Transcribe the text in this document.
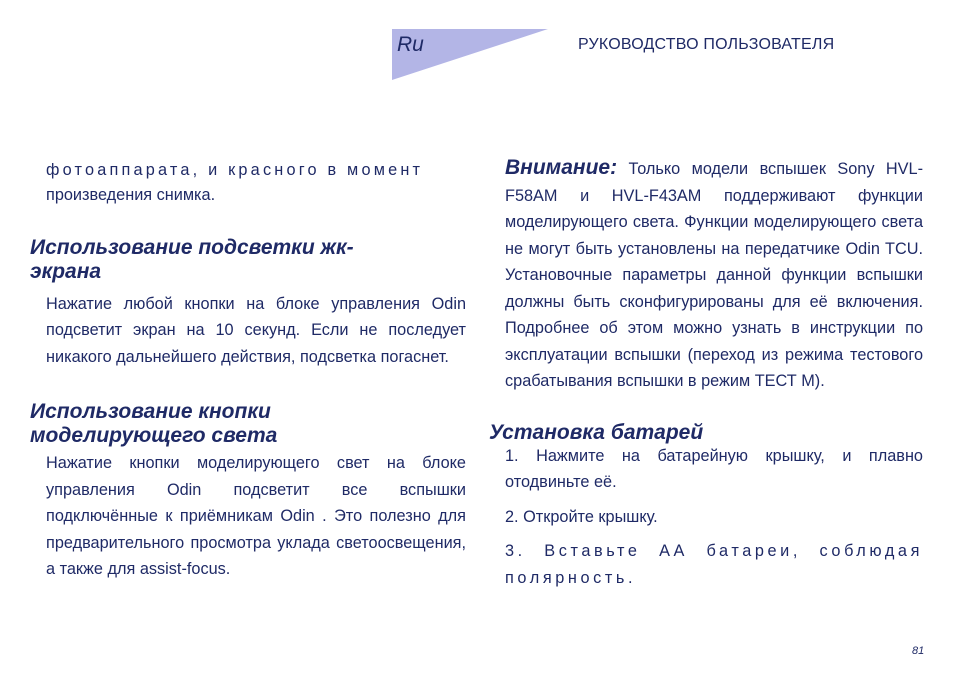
Ru	РУКОВОДСТВО ПОЛЬЗОВАТЕЛЯ

фотоаппарата, и красного в момент

произведения снимка.

Использование подсветки жк-экрана

Нажатие любой кнопки на блоке управления Odin подсветит экран на 10 секунд. Если не последует никакого дальнейшего действия, подсветка погаснет.

Использование кнопки моделирующего света

Нажатие кнопки моделирующего свет на блоке управления Odin подсветит все вспышки подключённые к приёмникам Odin . Это полезно для предварительного просмотра уклада светоосвещения, а также для assist-focus.

Внимание: Только модели вспышек Sony HVL-F58AM и HVL-F43AM поддерживают функции моделирующего света. Функции моделирующего света не могут быть установлены на передатчике Odin TCU. Установочные параметры данной функции вспышки должны быть сконфигурированы для её включения. Подробнее об этом можно узнать в инструкции по эксплуатации вспышки (переход из режима тестового срабатывания вспышки в режим ТЕСТ М).

Установка батарей

1. Нажмите на батарейную крышку, и плавно отодвиньте её.

2. Откройте крышку.

3. Вставьте АА батареи, соблюдая полярность.

81
